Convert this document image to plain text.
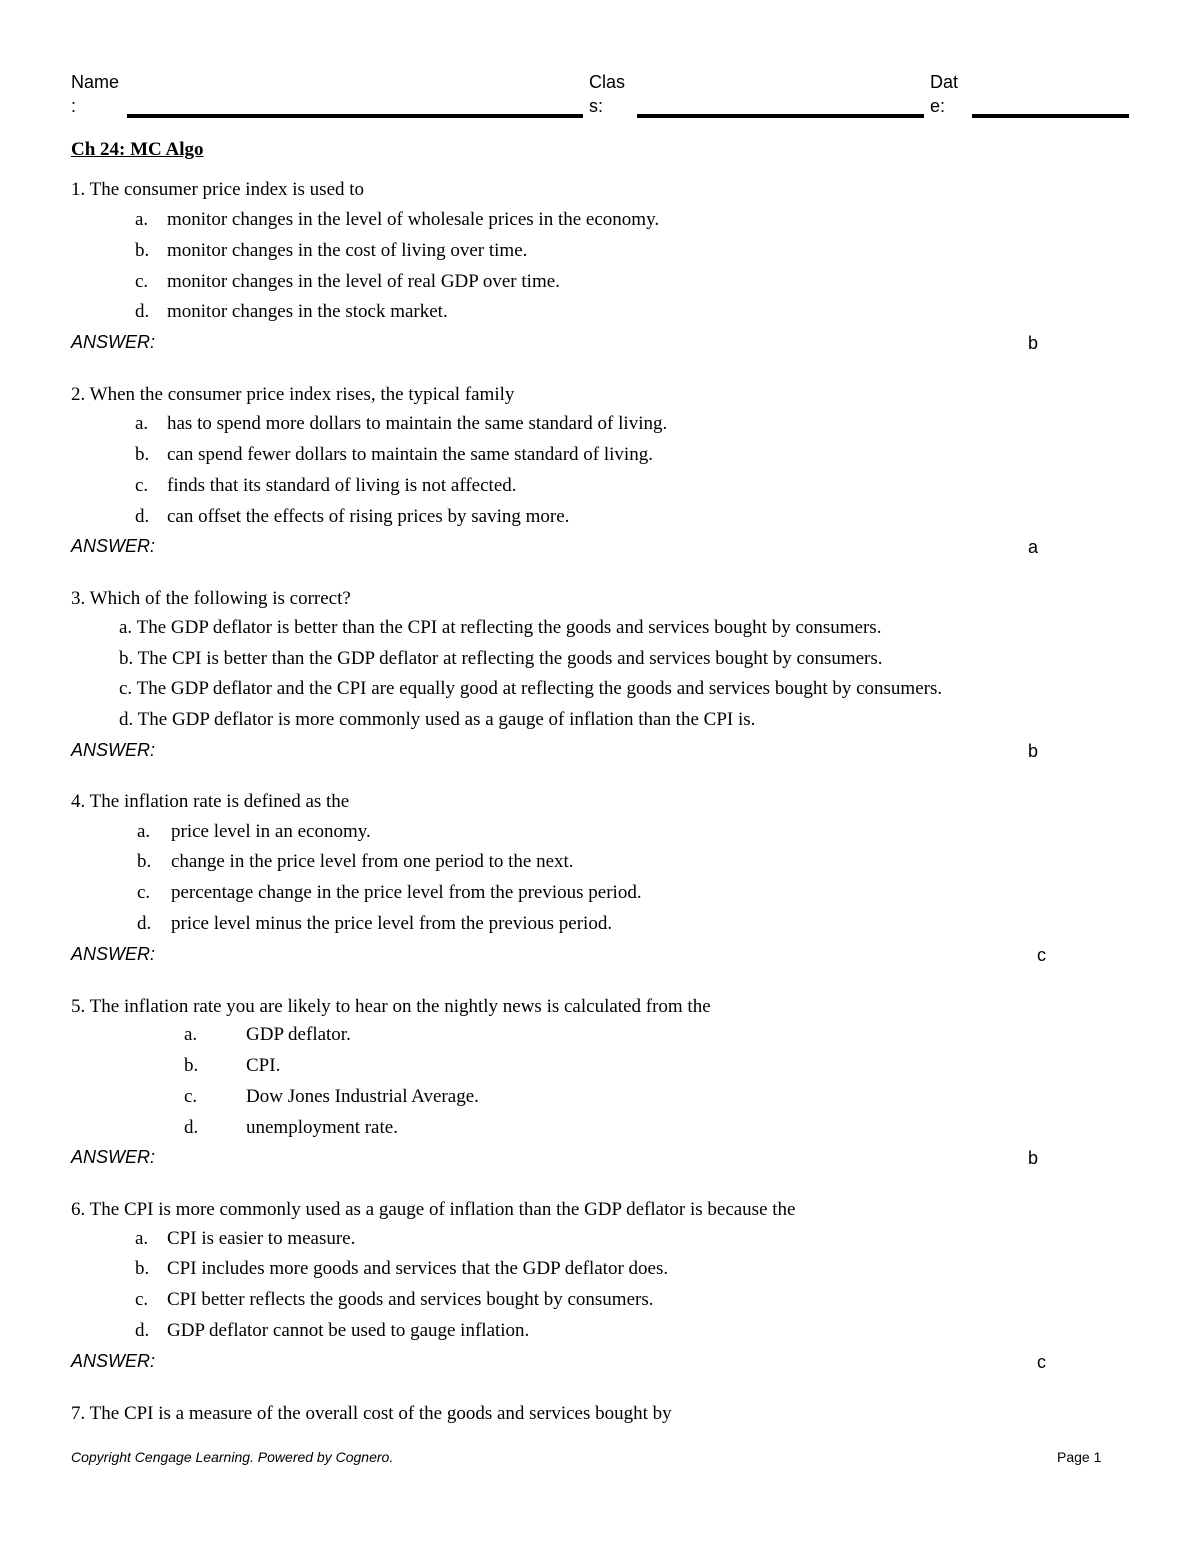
Name
:
Clas
s:
Dat
e:
Ch 24: MC Algo
1. The consumer price index is used to
a. monitor changes in the level of wholesale prices in the economy.
b. monitor changes in the cost of living over time.
c. monitor changes in the level of real GDP over time.
d. monitor changes in the stock market.
ANSWER:	b
2. When the consumer price index rises, the typical family
a. has to spend more dollars to maintain the same standard of living.
b. can spend fewer dollars to maintain the same standard of living.
c. finds that its standard of living is not affected.
d. can offset the effects of rising prices by saving more.
ANSWER:	a
3. Which of the following is correct?
a. The GDP deflator is better than the CPI at reflecting the goods and services bought by consumers.
b. The CPI is better than the GDP deflator at reflecting the goods and services bought by consumers.
c. The GDP deflator and the CPI are equally good at reflecting the goods and services bought by consumers.
d. The GDP deflator is more commonly used as a gauge of inflation than the CPI is.
ANSWER:	b
4. The inflation rate is defined as the
a. price level in an economy.
b. change in the price level from one period to the next.
c. percentage change in the price level from the previous period.
d. price level minus the price level from the previous period.
ANSWER:	c
5. The inflation rate you are likely to hear on the nightly news is calculated from the
a.	GDP deflator.
b.	CPI.
c.	Dow Jones Industrial Average.
d.	unemployment rate.
ANSWER:	b
6. The CPI is more commonly used as a gauge of inflation than the GDP deflator is because the
a. CPI is easier to measure.
b. CPI includes more goods and services that the GDP deflator does.
c. CPI better reflects the goods and services bought by consumers.
d. GDP deflator cannot be used to gauge inflation.
ANSWER:	c
7. The CPI is a measure of the overall cost of the goods and services bought by
Copyright Cengage Learning. Powered by Cognero.	Page 1
